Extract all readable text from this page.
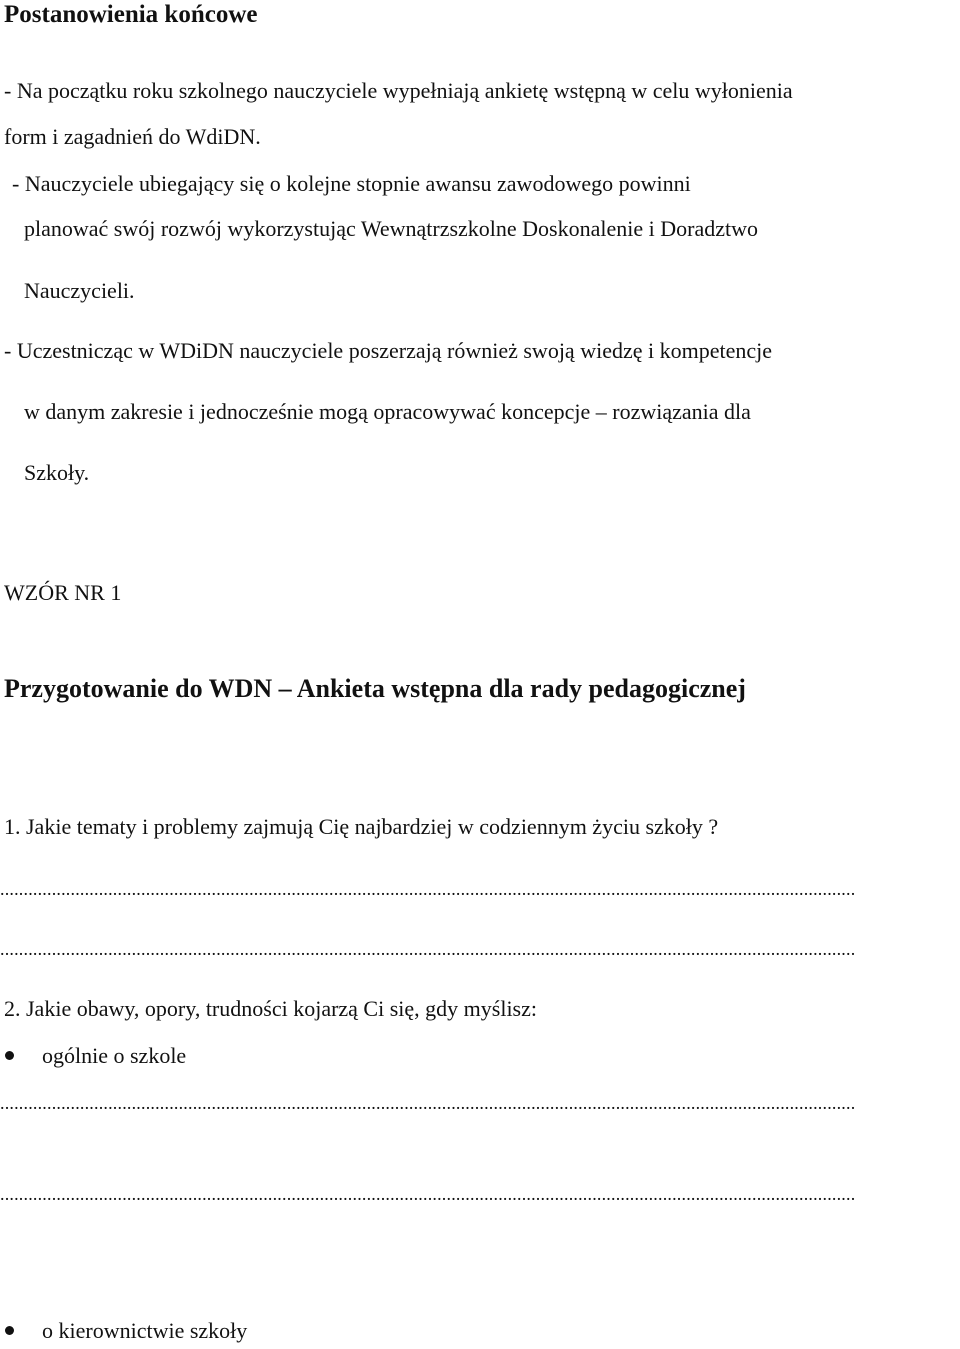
Postanowienia końcowe
- Na początku roku szkolnego nauczyciele wypełniają ankietę wstępną w celu wyłonienia
form i zagadnień do WdiDN.
- Nauczyciele ubiegający się o kolejne stopnie awansu zawodowego powinni
planować swój rozwój wykorzystując Wewnątrzszkolne Doskonalenie i Doradztwo
Nauczycieli.
- Uczestnicząc w WDiDN nauczyciele poszerzają również swoją wiedzę i kompetencje
w danym zakresie i jednocześnie mogą opracowywać koncepcje – rozwiązania dla
Szkoły.
WZÓR NR 1
Przygotowanie do WDN – Ankieta wstępna dla rady pedagogicznej
1. Jakie tematy i problemy zajmują Cię najbardziej w codziennym życiu szkoły ?
......................................................................................................................................................................................
......................................................................................................................................................................................
2. Jakie obawy, opory, trudności kojarzą Ci się, gdy myślisz:
ogólnie o szkole
......................................................................................................................................................................................
......................................................................................................................................................................................
o kierownictwie szkoły
